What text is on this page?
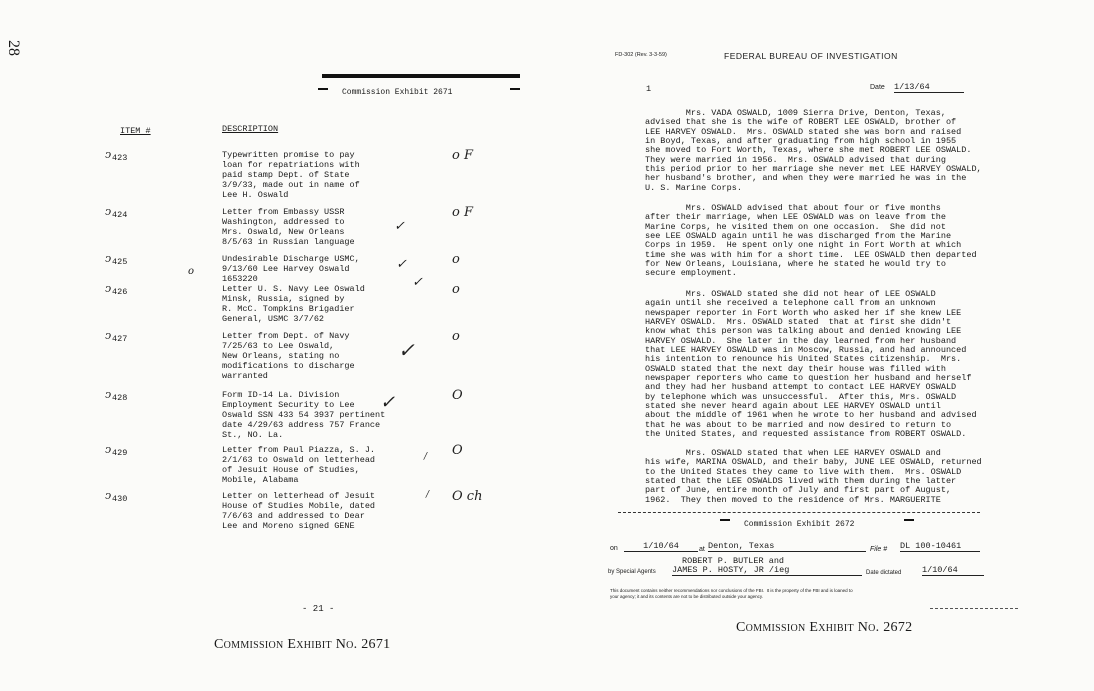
28
Commission Exhibit 2671
ITEM #	DESCRIPTION
ↄ 423	Typewritten promise to pay
loan for repatriations with
paid stamp Dept. of State
3/9/33, made out in name of
Lee H. Oswald
o F
ↄ 424	Letter from Embassy USSR
Washington, addressed to
Mrs. Oswald, New Orleans
8/5/63 in Russian language
o F
ↄ 425	Undesirable Discharge USMC,
9/13/60 Lee Harvey Oswald
1653220
o
ↄ 426	Letter U. S. Navy Lee Oswald
Minsk, Russia, signed by
R. McC. Tompkins Brigadier
General, USMC 3/7/62
o
ↄ 427	Letter from Dept. of Navy
7/25/63 to Lee Oswald,
New Orleans, stating no
modifications to discharge
warranted
o
ↄ 428	Form ID-14 La. Division
Employment Security to Lee
Oswald SSN 433 54 3937 pertinent
date 4/29/63 address 757 France
St., NO. La.
O
ↄ 429	Letter from Paul Piazza, S. J.
2/1/63 to Oswald on letterhead
of Jesuit House of Studies,
Mobile, Alabama
O
ↄ 430	Letter on letterhead of Jesuit
House of Studies Mobile, dated
7/6/63 and addressed to Dear
Lee and Moreno signed GENE
O ch
✓
✓
✓
✓
✓
/
/
o
- 21 -
Commission Exhibit No. 2671
FD-302 (Rev. 3-3-59)	FEDERAL BUREAU OF INVESTIGATION
1	Date 1/13/64
Mrs. VADA OSWALD, 1009 Sierra Drive, Denton, Texas,
advised that she is the wife of ROBERT LEE OSWALD, brother of
LEE HARVEY OSWALD.  Mrs. OSWALD stated she was born and raised
in Boyd, Texas, and after graduating from high school in 1955
she moved to Fort Worth, Texas, where she met ROBERT LEE OSWALD.
They were married in 1956.  Mrs. OSWALD advised that during
this period prior to her marriage she never met LEE HARVEY OSWALD,
her husband's brother, and when they were married he was in the
U. S. Marine Corps.
Mrs. OSWALD advised that about four or five months
after their marriage, when LEE OSWALD was on leave from the
Marine Corps, he visited them on one occasion.  She did not
see LEE OSWALD again until he was discharged from the Marine
Corps in 1959.  He spent only one night in Fort Worth at which
time she was with him for a short time.  LEE OSWALD then departed
for New Orleans, Louisiana, where he stated he would try to
secure employment.
Mrs. OSWALD stated she did not hear of LEE OSWALD
again until she received a telephone call from an unknown
newspaper reporter in Fort Worth who asked her if she knew LEE
HARVEY OSWALD.  Mrs. OSWALD stated  that at first she didn't
know what this person was talking about and denied knowing LEE
HARVEY OSWALD.  She later in the day learned from her husband
that LEE HARVEY OSWALD was in Moscow, Russia, and had announced
his intention to renounce his United States citizenship.  Mrs.
OSWALD stated that the next day their house was filled with
newspaper reporters who came to question her husband and herself
and they had her husband attempt to contact LEE HARVEY OSWALD
by telephone which was unsuccessful.  After this, Mrs. OSWALD
stated she never heard again about LEE HARVEY OSWALD until
about the middle of 1961 when he wrote to her husband and advised
that he was about to be married and now desired to return to
the United States, and requested assistance from ROBERT OSWALD.
Mrs. OSWALD stated that when LEE HARVEY OSWALD and
his wife, MARINA OSWALD, and their baby, JUNE LEE OSWALD, returned
to the United States they came to live with them.  Mrs. OSWALD
stated that the LEE OSWALDS lived with them during the latter
part of June, entire month of July and first part of August,
1962.  They then moved to the residence of Mrs. MARGUERITE
Commission Exhibit 2672
on	1/10/64	at Denton, Texas	File # DL 100-10461
ROBERT P. BUTLER and
by Special Agents JAMES P. HOSTY, JR /ieg	Date dictated 1/10/64
This document contains neither recommendations nor conclusions of the FBI.  It is the property of the FBI and is loaned to
your agency; it and its contents are not to be distributed outside your agency.
Commission Exhibit No. 2672
